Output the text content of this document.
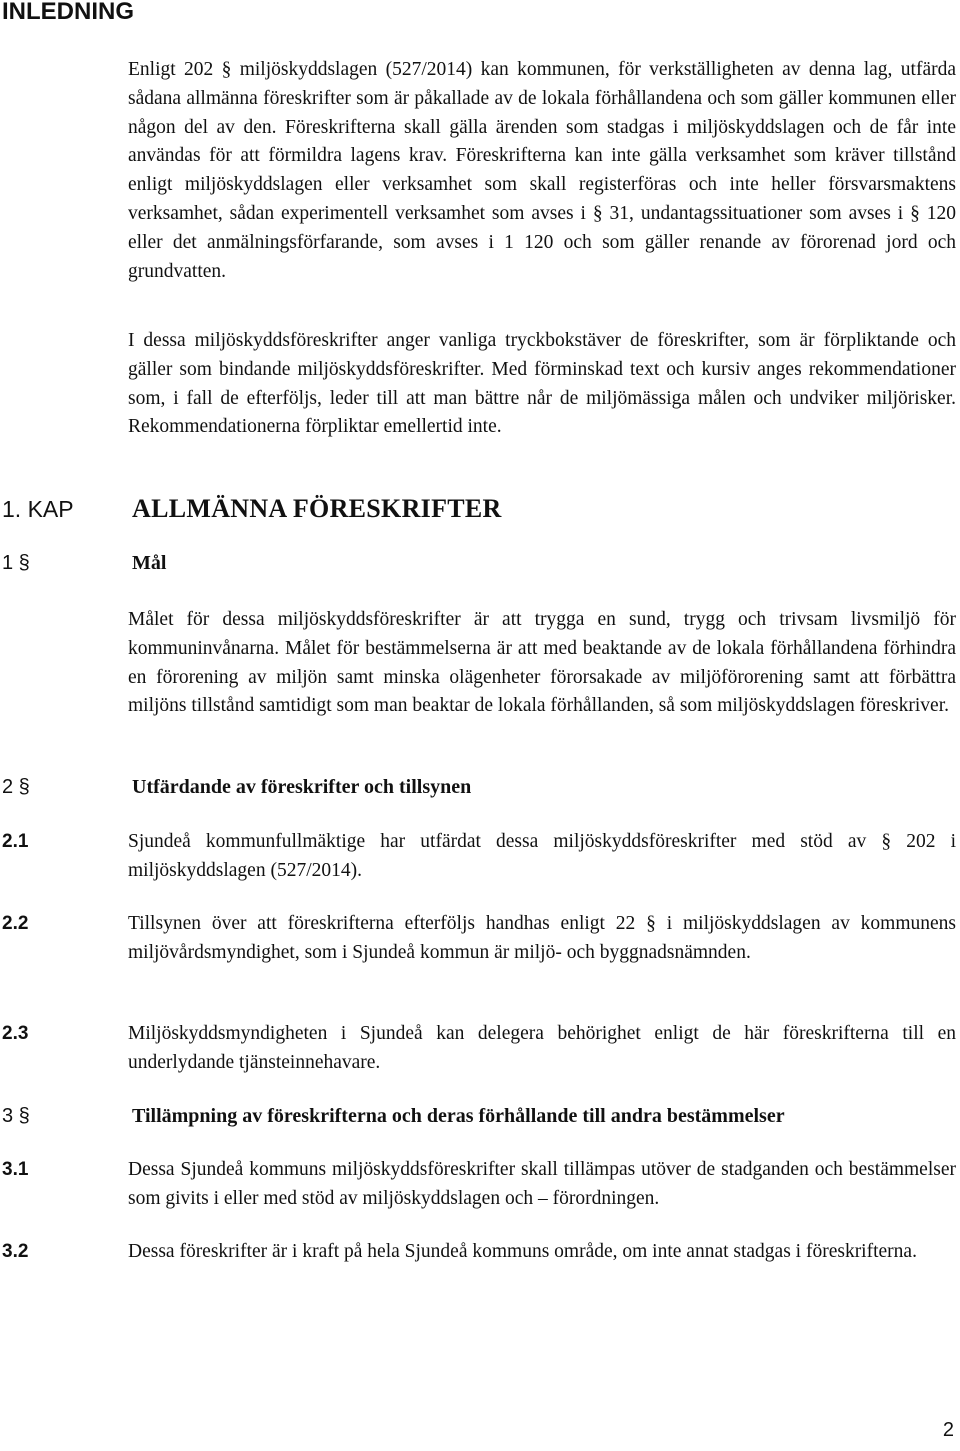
INLEDNING

Enligt 202 § miljöskyddslagen (527/2014) kan kommunen, för verkställigheten av denna lag, utfärda sådana allmänna föreskrifter som är påkallade av de lokala förhållandena och som gäller kommunen eller någon del av den. Föreskrifterna skall gälla ärenden som stadgas i miljöskyddslagen och de får inte användas för att förmildra lagens krav. Föreskrifterna kan inte gälla verksamhet som kräver tillstånd enligt miljöskyddslagen eller verksamhet som skall registerföras och inte heller försvarsmaktens verksamhet, sådan experimentell verksamhet som avses i § 31, undantagssituationer som avses i § 120 eller det anmälningsförfarande, som avses i 1 120 och som gäller renande av förorenad jord och grundvatten.

I dessa miljöskyddsföreskrifter anger vanliga tryckbokstäver de föreskrifter, som är förpliktande och gäller som bindande miljöskyddsföreskrifter. Med förminskad text och kursiv anges rekommendationer som, i fall de efterföljs, leder till att man bättre når de miljömässiga målen och undviker miljörisker. Rekommendationerna förpliktar emellertid inte.

1. KAP ALLMÄNNA FÖRESKRIFTER
1 §	Mål

Målet för dessa miljöskyddsföreskrifter är att trygga en sund, trygg och trivsam livsmiljö för kommuninvånarna. Målet för bestämmelserna är att med beaktande av de lokala förhållandena förhindra en förorening av miljön samt minska olägenheter förorsakade av miljöförorening samt att förbättra miljöns tillstånd samtidigt som man beaktar de lokala förhållanden, så som miljöskyddslagen föreskriver.

2 §	Utfärdande av föreskrifter och tillsynen
2.1	Sjundeå kommunfullmäktige har utfärdat dessa miljöskyddsföreskrifter med stöd av § 202 i miljöskyddslagen (527/2014).

2.2	Tillsynen över att föreskrifterna efterföljs handhas enligt 22 § i miljöskyddslagen av kommunens miljövårdsmyndighet, som i Sjundeå kommun är miljö- och byggnadsnämnden.

2.3	Miljöskyddsmyndigheten i Sjundeå kan delegera behörighet enligt de här föreskrifterna till en underlydande tjänsteinnehavare.

3 §	Tillämpning av föreskrifterna och deras förhållande till andra bestämmelser
3.1	Dessa Sjundeå kommuns miljöskyddsföreskrifter skall tillämpas utöver de stadganden och bestämmelser som givits i eller med stöd av miljöskyddslagen och – förordningen.

3.2	Dessa föreskrifter är i kraft på hela Sjundeå kommuns område, om inte annat stadgas i föreskrifterna.

2
